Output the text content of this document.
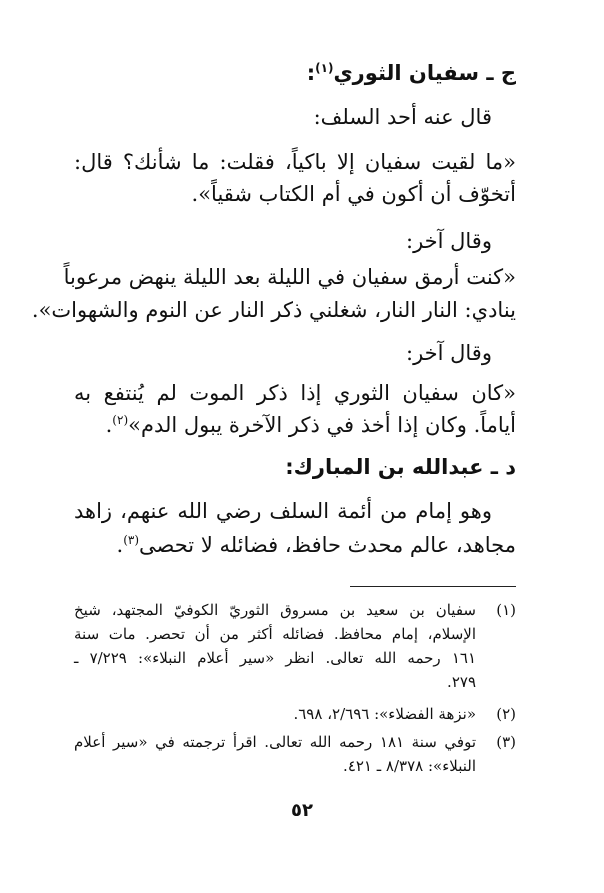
ج ـ سفيان الثوري$^{(١)}$:
قال عنه أحد السلف:
«ما لقيت سفيان إلا باكياً، فقلت: ما شأنك؟ قال:
أتخوّف أن أكون في أم الكتاب شقياً».
وقال آخر:
«كنت أرمق سفيان في الليلة بعد الليلة ينهض مرعوباً
ينادي: النار النار، شغلني ذكر النار عن النوم والشهوات».
وقال آخر:
«كان سفيان الثوري إذا ذكر الموت لم يُنتفع به
أياماً. وكان إذا أخذ في ذكر الآخرة يبول الدم»$^{(٢)}$.
د ـ عبدالله بن المبارك:
وهو إمام من أئمة السلف رضي الله عنهم، زاهد
مجاهد، عالم محدث حافظ، فضائله لا تحصى$^{(٣)}$.
(١)
سفيان بن سعيد بن مسروق الثوريّ الكوفيّ المجتهد، شيخ
الإسلام، إمام محافظ. فضائله أكثر من أن تحصر. مات سنة
١٦١ رحمه الله تعالى. انظر «سير أعلام النبلاء»: ٧/٢٢٩ ـ
٢٧٩.
(٢)
«نزهة الفضلاء»: ٢/٦٩٦، ٦٩٨.
(٣)
توفي سنة ١٨١ رحمه الله تعالى. اقرأ ترجمته في «سير أعلام
النبلاء»: ٨/٣٧٨ ـ ٤٢١.
٥٢
